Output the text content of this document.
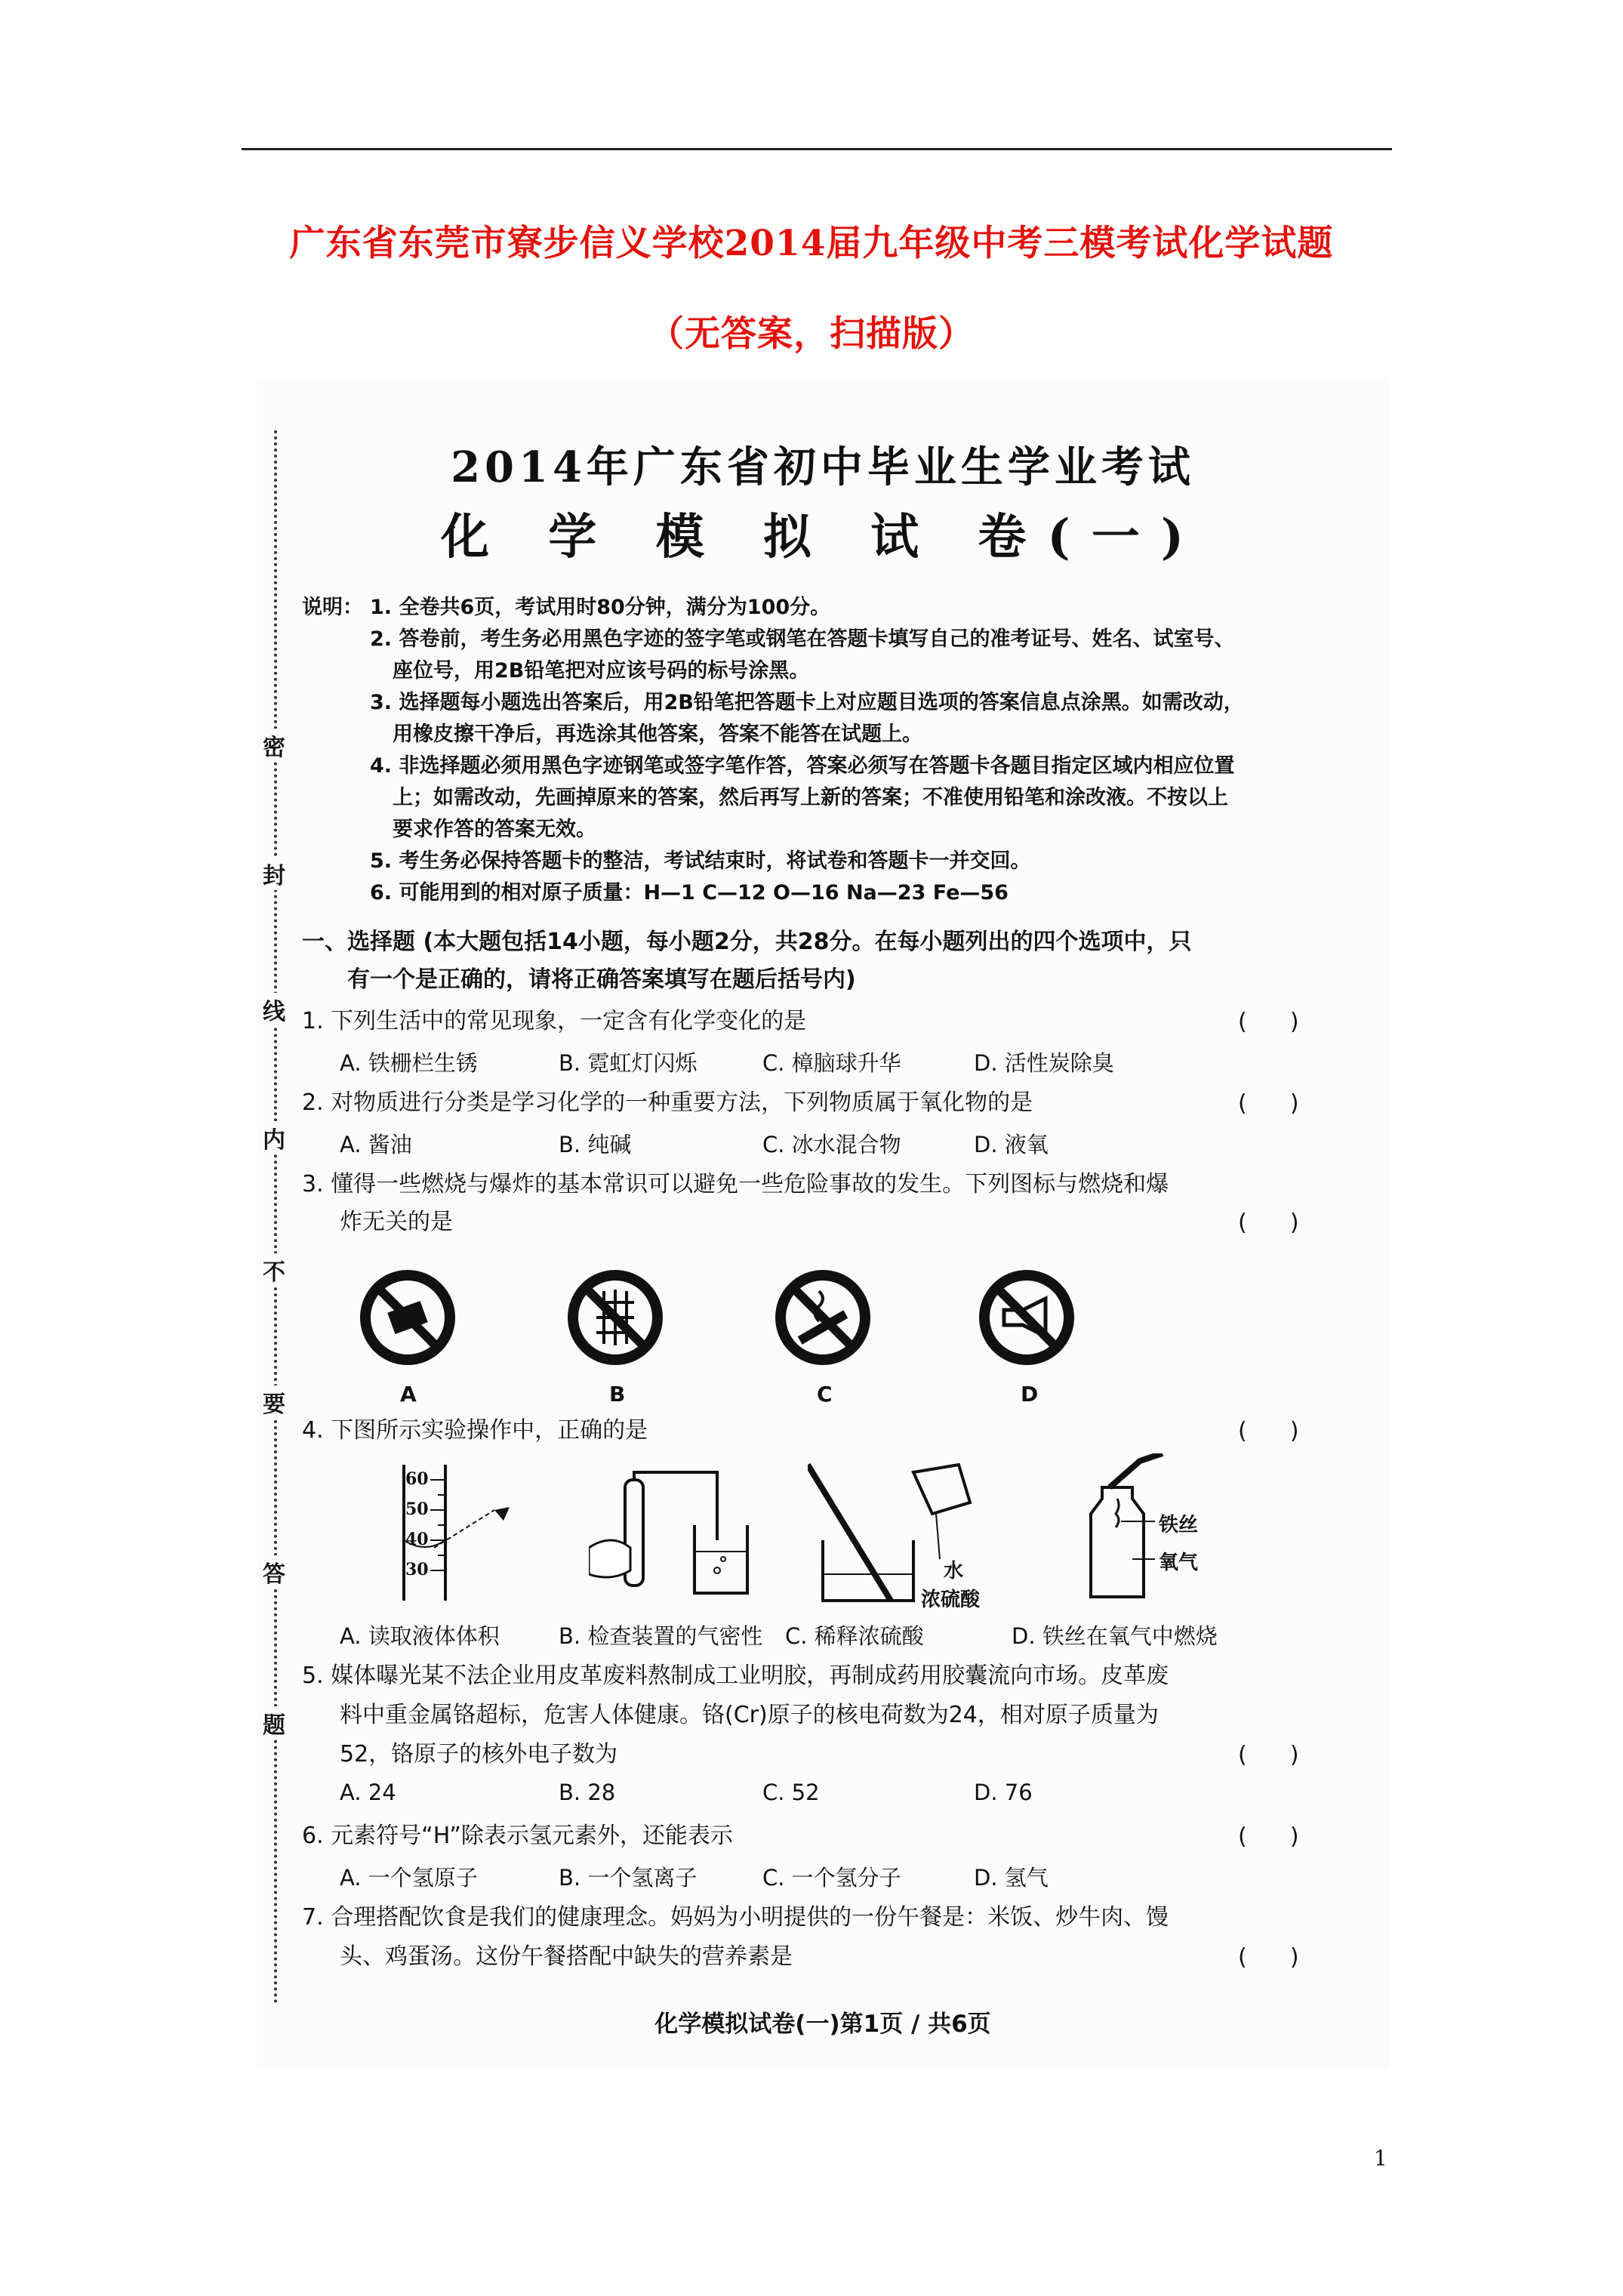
广东省东莞市寮步信义学校2014届九年级中考三模考试化学试题
（无答案，扫描版）
密
封
线
内
不
要
答
题
2014年广东省初中毕业生学业考试
化 学 模 拟 试 卷(一)
说明： 1. 全卷共6页，考试用时80分钟，满分为100分。
2. 答卷前，考生务必用黑色字迹的签字笔或钢笔在答题卡填写自己的准考证号、姓名、试室号、
座位号，用2B铅笔把对应该号码的标号涂黑。
3. 选择题每小题选出答案后，用2B铅笔把答题卡上对应题目选项的答案信息点涂黑。如需改动，
用橡皮擦干净后，再选涂其他答案，答案不能答在试题上。
4. 非选择题必须用黑色字迹钢笔或签字笔作答，答案必须写在答题卡各题目指定区域内相应位置
上；如需改动，先画掉原来的答案，然后再写上新的答案；不准使用铅笔和涂改液。不按以上
要求作答的答案无效。
5. 考生务必保持答题卡的整洁，考试结束时，将试卷和答题卡一并交回。
6. 可能用到的相对原子质量：H—1 C—12 O—16 Na—23 Fe—56
一、选择题 (本大题包括14小题，每小题2分，共28分。在每小题列出的四个选项中，只
有一个是正确的，请将正确答案填写在题后括号内)
1. 下列生活中的常见现象，一定含有化学变化的是	(      )
A. 铁栅栏生锈	B. 霓虹灯闪烁	C. 樟脑球升华	D. 活性炭除臭
2. 对物质进行分类是学习化学的一种重要方法，下列物质属于氧化物的是	(      )
A. 酱油	B. 纯碱	C. 冰水混合物	D. 液氧
3. 懂得一些燃烧与爆炸的基本常识可以避免一些危险事故的发生。下列图标与燃烧和爆
炸无关的是	(      )
A	B	C	D
4. 下图所示实验操作中，正确的是	(      )
60
50
40
30	水
浓硫酸
铁丝
氧气
A. 读取液体体积	B. 检查装置的气密性 C. 稀释浓硫酸	D. 铁丝在氧气中燃烧
5. 媒体曝光某不法企业用皮革废料熬制成工业明胶，再制成药用胶囊流向市场。皮革废
料中重金属铬超标，危害人体健康。铬(Cr)原子的核电荷数为24，相对原子质量为
52，铬原子的核外电子数为	(      )
A. 24	B. 28	C. 52	D. 76
6. 元素符号“H”除表示氢元素外，还能表示	(      )
A. 一个氢原子	B. 一个氢离子	C. 一个氢分子	D. 氢气
7. 合理搭配饮食是我们的健康理念。妈妈为小明提供的一份午餐是：米饭、炒牛肉、馒
头、鸡蛋汤。这份午餐搭配中缺失的营养素是	(      )
化学模拟试卷(一)第1页 / 共6页
1
